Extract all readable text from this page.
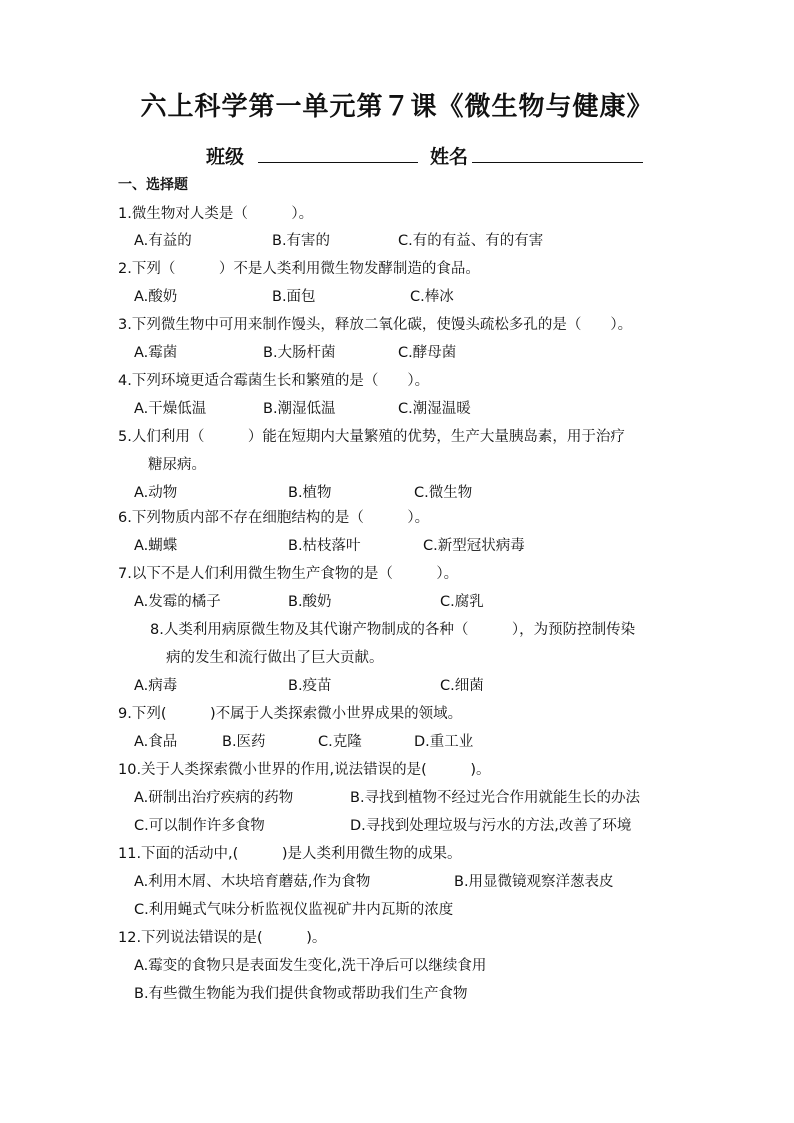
六上科学第一单元第７课《微生物与健康》
班级	姓名
一、选择题
1.微生物对人类是（　　　）。
A.有益的	B.有害的	C.有的有益、有的有害
2.下列（　　　）不是人类利用微生物发酵制造的食品。
A.酸奶	B.面包	C.棒冰
3.下列微生物中可用来制作馒头，释放二氧化碳，使馒头疏松多孔的是（　　）。
A.霉菌	B.大肠杆菌	C.酵母菌
4.下列环境更适合霉菌生长和繁殖的是（　　）。
A.干燥低温	B.潮湿低温	C.潮湿温暖
5.人们利用（　　　）能在短期内大量繁殖的优势，生产大量胰岛素，用于治疗
糖尿病。
A.动物	B.植物	C.微生物
6.下列物质内部不存在细胞结构的是（　　　）。
A.蝴蝶	B.枯枝落叶	C.新型冠状病毒
7.以下不是人们利用微生物生产食物的是（　　　）。
A.发霉的橘子	B.酸奶	C.腐乳
8.人类利用病原微生物及其代谢产物制成的各种（　　　），为预防控制传染
病的发生和流行做出了巨大贡献。
A.病毒	B.疫苗	C.细菌
9.下列(　　　)不属于人类探索微小世界成果的领域。
A.食品	B.医药	C.克隆	D.重工业
10.关于人类探索微小世界的作用,说法错误的是(　　　)。
A.研制出治疗疾病的药物	B.寻找到植物不经过光合作用就能生长的办法
C.可以制作许多食物	D.寻找到处理垃圾与污水的方法,改善了环境
11.下面的活动中,(　　　)是人类利用微生物的成果。
A.利用木屑、木块培育蘑菇,作为食物	B.用显微镜观察洋葱表皮
C.利用蝇式气味分析监视仪监视矿井内瓦斯的浓度
12.下列说法错误的是(　　　)。
A.霉变的食物只是表面发生变化,洗干净后可以继续食用
B.有些微生物能为我们提供食物或帮助我们生产食物
